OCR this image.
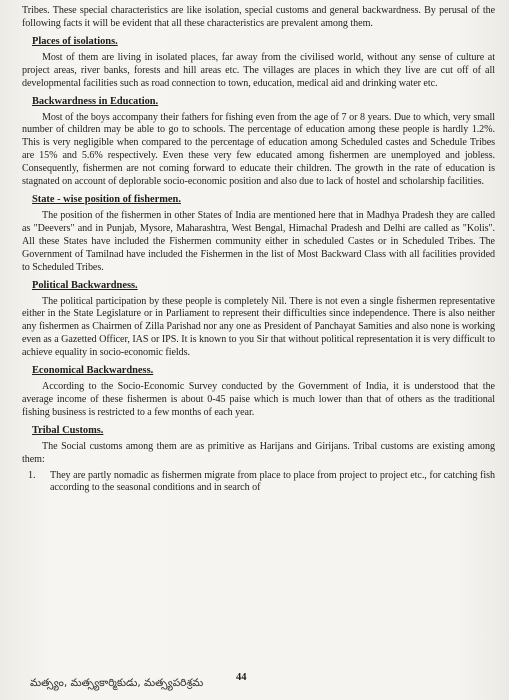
Tribes. These special characteristics are like isolation, special customs and general backwardness. By perusal of the following facts it will be evident that all these characteristics are prevalent among them.

Places of isolations.

Most of them are living in isolated places, far away from the civilised world, without any sense of culture at project areas, river banks, forests and hill areas etc. The villages are places in which they live are cut off of all developmental facilities such as road connection to town, education, medical aid and drinking water etc.

Backwardness in Education.

Most of the boys accompany their fathers for fishing even from the age of 7 or 8 years. Due to which, very small number of children may be able to go to schools. The percentage of education among these people is hardly 1.2%. This is very negligible when compared to the percentage of education among Scheduled castes and Schedule Tribes are 15% and 5.6% respectively. Even these very few educated among fishermen are unemployed and jobless. Consequently, fishermen are not coming forward to educate their children. The growth in the rate of education is stagnated on account of deplorable socio-economic position and also due to lack of hostel and scholarship facilities.

State - wise position of fishermen.

The position of the fishermen in other States of India are mentioned here that in Madhya Pradesh they are called as "Deevers" and in Punjab, Mysore, Maharashtra, West Bengal, Himachal Pradesh and Delhi are called as "Kolis". All these States have included the Fishermen community either in scheduled Castes or in Scheduled Tribes. The Government of Tamilnad have included the Fishermen in the list of Most Backward Class with all facilities provided to Scheduled Tribes.

Political Backwardness.

The political participation by these people is completely Nil. There is not even a single fishermen representative either in the State Legislature or in Parliament to represent their difficulties since independence. There is also neither any fishermen as Chairmen of Zilla Parishad nor any one as President of Panchayat Samities and also none is working even as a Gazetted Officer, IAS or IPS. It is known to you Sir that without political representation it is very difficult to achieve equality in socio-economic fields.

Economical Backwardness.

According to the Socio-Economic Survey conducted by the Government of India, it is understood that the average income of these fishermen is about 0-45 paise which is much lower than that of others as the traditional fishing business is restricted to a few months of each year.

Tribal Customs.

The Social customs among them are as primitive as Harijans and Girijans. Tribal customs are existing among them:

1.	They are partly nomadic as fishermen migrate from place to place from project to project etc., for catching fish according to the seasonal conditions and in search of

మత్స్యం, మత్స్యకార్మికుడు, మత్స్యపరిశ్రమ	44
